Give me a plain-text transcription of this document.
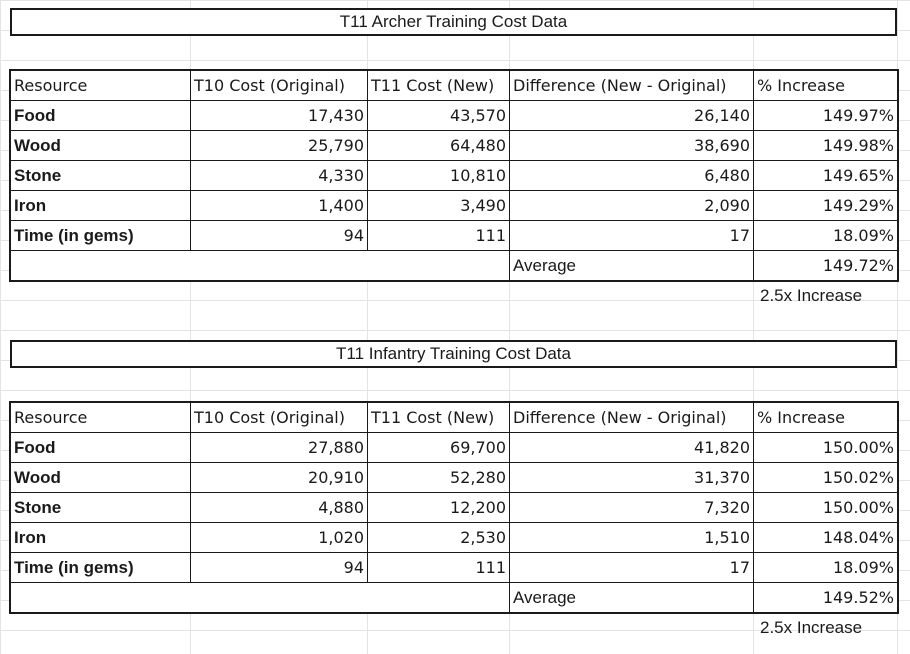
T11 Archer Training Cost Data
Resource	T10 Cost (Original)	T11 Cost (New)	Difference (New - Original)	% Increase
Food	17,430	43,570	26,140	149.97%
Wood	25,790	64,480	38,690	149.98%
Stone	4,330	10,810	6,480	149.65%
Iron	1,400	3,490	2,090	149.29%
Time (in gems)	94	111	17	18.09%
			Average	149.72%
2.5x Increase
T11 Infantry Training Cost Data
Resource	T10 Cost (Original)	T11 Cost (New)	Difference (New - Original)	% Increase
Food	27,880	69,700	41,820	150.00%
Wood	20,910	52,280	31,370	150.02%
Stone	4,880	12,200	7,320	150.00%
Iron	1,020	2,530	1,510	148.04%
Time (in gems)	94	111	17	18.09%
			Average	149.52%
2.5x Increase
